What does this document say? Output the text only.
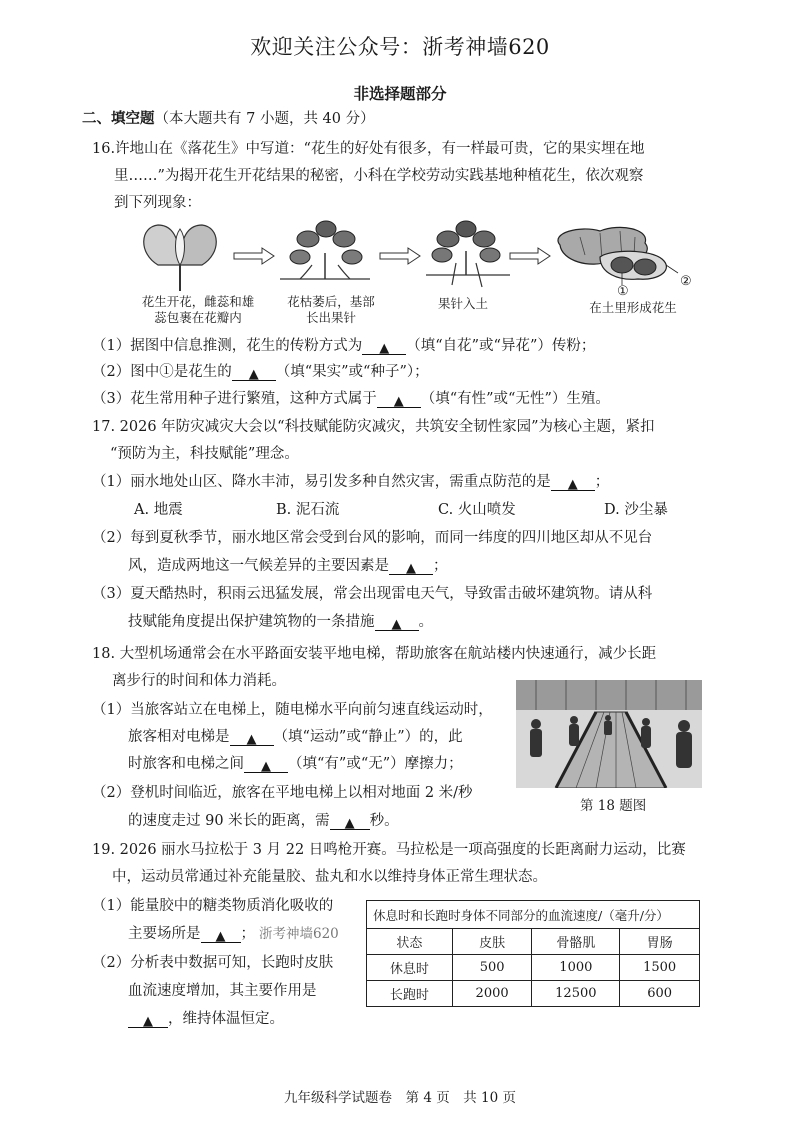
欢迎关注公众号：浙考神墙620
非选择题部分
二、填空题（本大题共有 7 小题，共 40 分）
16.许地山在《落花生》中写道：“花生的好处有很多，有一样最可贵，它的果实埋在地
里……”为揭开花生开花结果的秘密，小科在学校劳动实践基地种植花生，依次观察
到下列现象：
①
②
花生开花，雌蕊和雄
蕊包裹在花瓣内
花枯萎后，基部
长出果针
果针入土	在土里形成花生
（1）据图中信息推测，花生的传粉方式为 ▲ （填“自花”或“异花”）传粉；
（2）图中①是花生的 ▲ （填“果实”或“种子”）；
（3）花生常用种子进行繁殖，这种方式属于 ▲ （填“有性”或“无性”）生殖。
17. 2026 年防灾减灾大会以“科技赋能防灾减灾，共筑安全韧性家园”为核心主题，紧扣
“预防为主，科技赋能”理念。
（1）丽水地处山区、降水丰沛，易引发多种自然灾害，需重点防范的是 ▲ ；
A. 地震	B. 泥石流	C. 火山喷发	D. 沙尘暴
（2）每到夏秋季节，丽水地区常会受到台风的影响，而同一纬度的四川地区却从不见台
风，造成两地这一气候差异的主要因素是 ▲ ；
（3）夏天酷热时，积雨云迅猛发展，常会出现雷电天气，导致雷击破坏建筑物。请从科
技赋能角度提出保护建筑物的一条措施 ▲ 。
18. 大型机场通常会在水平路面安装平地电梯，帮助旅客在航站楼内快速通行，减少长距
离步行的时间和体力消耗。
（1）当旅客站立在电梯上，随电梯水平向前匀速直线运动时，
旅客相对电梯是 ▲ （填“运动”或“静止”）的，此
时旅客和电梯之间 ▲ （填“有”或“无”）摩擦力；
（2）登机时间临近，旅客在平地电梯上以相对地面 2 米/秒
的速度走过 90 米长的距离，需 ▲ 秒。
第 18 题图
19. 2026 丽水马拉松于 3 月 22 日鸣枪开赛。马拉松是一项高强度的长距离耐力运动，比赛
中，运动员常通过补充能量胶、盐丸和水以维持身体正常生理状态。
（1）能量胶中的糖类物质消化吸收的
主要场所是 ▲ ； 浙考神墙620
（2）分析表中数据可知，长跑时皮肤
血流速度增加，其主要作用是
▲ ，维持体温恒定。
休息时和长跑时身体不同部分的血流速度/（毫升/分）			
状态	皮肤	骨骼肌	胃肠
休息时	500	1000	1500
长跑时	2000	12500	600
九年级科学试题卷　第 4 页　共 10 页
